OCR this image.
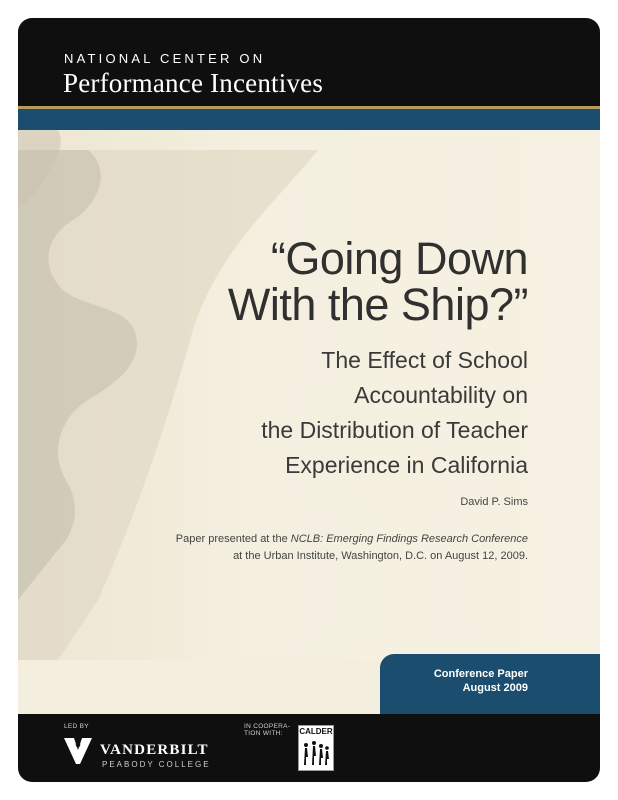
NATIONAL CENTER ON
Performance Incentives
“Going Down
With the Ship?”
The Effect of School
Accountability on
the Distribution of Teacher
Experience in California
David P. Sims
Paper presented at the NCLB: Emerging Findings Research Conference
at the Urban Institute, Washington, D.C. on August 12, 2009.
Conference Paper
August 2009
LED BY	IN COOPERA-
TION WITH:
VANDERBILT
PEABODY COLLEGE
CALDER
